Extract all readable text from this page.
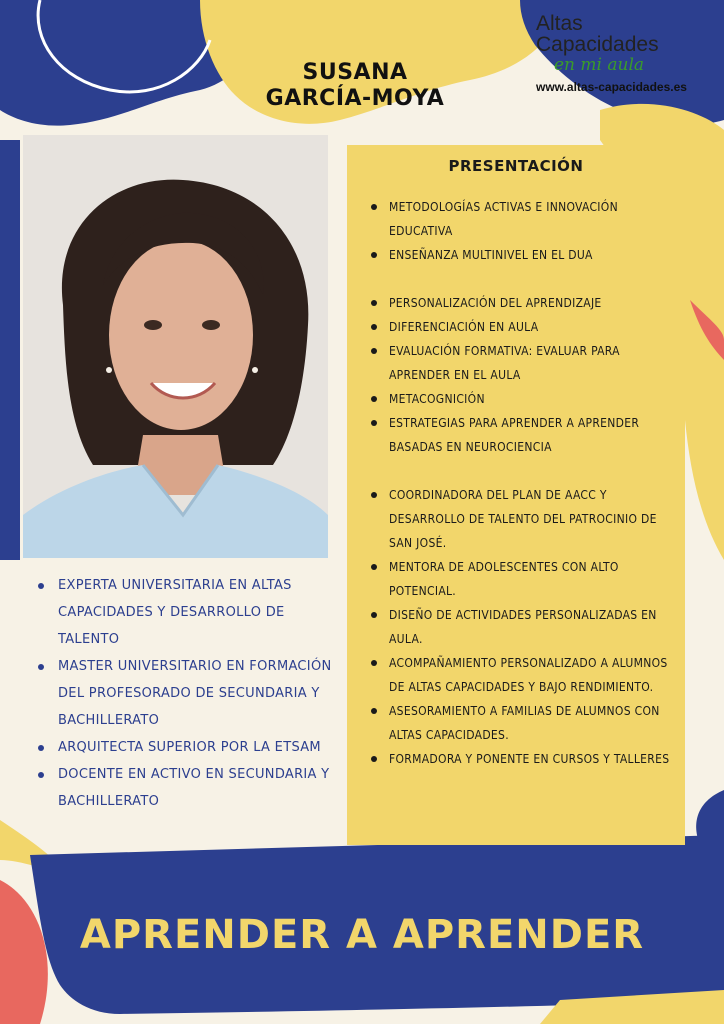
SUSANA
GARCÍA-MOYA
Altas
Capacidades
en mi aula
www.altas-capacidades.es
PRESENTACIÓN
METODOLOGÍAS ACTIVAS E INNOVACIÓN EDUCATIVA
ENSEÑANZA MULTINIVEL EN EL DUA
PERSONALIZACIÓN DEL APRENDIZAJE
DIFERENCIACIÓN EN AULA
EVALUACIÓN FORMATIVA: EVALUAR PARA APRENDER EN EL AULA
METACOGNICIÓN
ESTRATEGIAS PARA APRENDER A APRENDER BASADAS EN NEUROCIENCIA
COORDINADORA DEL PLAN DE AACC Y DESARROLLO DE TALENTO DEL PATROCINIO DE SAN JOSÉ.
MENTORA DE ADOLESCENTES CON ALTO POTENCIAL.
DISEÑO DE ACTIVIDADES PERSONALIZADAS EN AULA.
ACOMPAÑAMIENTO PERSONALIZADO A ALUMNOS DE ALTAS CAPACIDADES Y BAJO RENDIMIENTO.
ASESORAMIENTO A FAMILIAS DE ALUMNOS CON ALTAS CAPACIDADES.
FORMADORA Y PONENTE EN CURSOS Y TALLERES
EXPERTA UNIVERSITARIA EN ALTAS CAPACIDADES Y DESARROLLO DE TALENTO
MASTER UNIVERSITARIO EN FORMACIÓN DEL PROFESORADO DE SECUNDARIA Y BACHILLERATO
ARQUITECTA SUPERIOR POR LA ETSAM
DOCENTE EN ACTIVO EN SECUNDARIA Y BACHILLERATO
APRENDER A APRENDER
